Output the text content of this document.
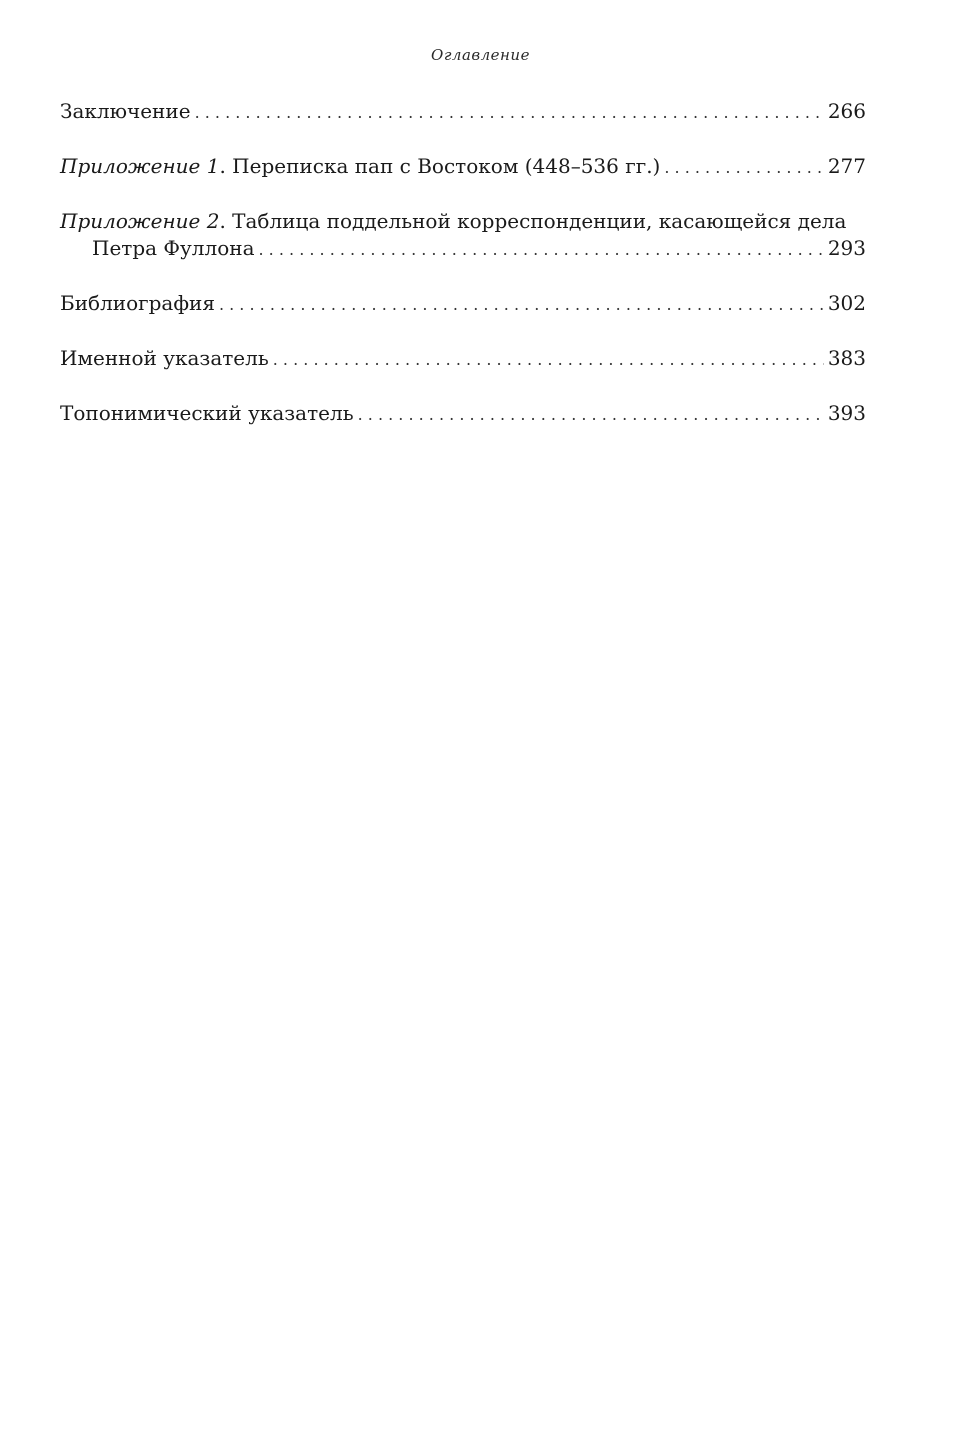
Оглавление
Заключение . . .	266
Приложение 1. Переписка пап с Востоком (448–536 гг.) . . .	277
Приложение 2. Таблица поддельной корреспонденции, касающейся дела
Петра Фуллона . . .	293
Библиография . . .	302
Именной указатель . . .	383
Топонимический указатель . . .	393
